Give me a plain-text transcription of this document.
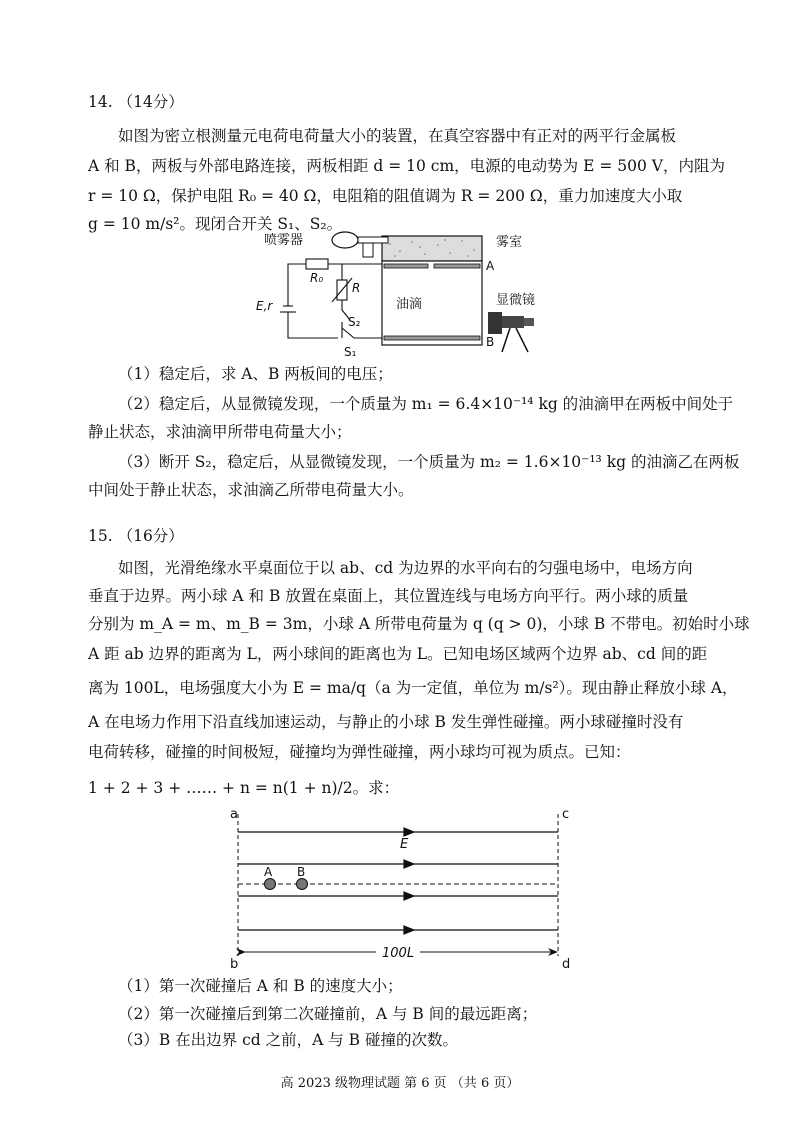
14. （14分）
如图为密立根测量元电荷电荷量大小的装置，在真空容器中有正对的两平行金属板
A 和 B，两板与外部电路连接，两板相距 d = 10 cm，电源的电动势为 E = 500 V，内阻为
r = 10 Ω，保护电阻 R₀ = 40 Ω，电阻箱的阻值调为 R = 200 Ω，重力加速度大小取
g = 10 m/s²。现闭合开关 S₁、S₂。
喷雾器	雾室
A
B
油滴	显微镜
R₀
R
E,r
S₁
S₂
（1）稳定后，求 A、B 两板间的电压；
（2）稳定后，从显微镜发现，一个质量为 m₁ = 6.4×10⁻¹⁴ kg 的油滴甲在两板中间处于
静止状态，求油滴甲所带电荷量大小；
（3）断开 S₂，稳定后，从显微镜发现，一个质量为 m₂ = 1.6×10⁻¹³ kg 的油滴乙在两板
中间处于静止状态，求油滴乙所带电荷量大小。
15. （16分）
如图，光滑绝缘水平桌面位于以 ab、cd 为边界的水平向右的匀强电场中，电场方向
垂直于边界。两小球 A 和 B 放置在桌面上，其位置连线与电场方向平行。两小球的质量
分别为 m_A = m、m_B = 3m，小球 A 所带电荷量为 q (q > 0)，小球 B 不带电。初始时小球
A 距 ab 边界的距离为 L，两小球间的距离也为 L。已知电场区域两个边界 ab、cd 间的距
离为 100L，电场强度大小为 E = ma/q（a 为一定值，单位为 m/s²）。现由静止释放小球 A，
A 在电场力作用下沿直线加速运动，与静止的小球 B 发生弹性碰撞。两小球碰撞时没有
电荷转移，碰撞的时间极短，碰撞均为弹性碰撞，两小球均可视为质点。已知：
1 + 2 + 3 + …… + n = n(1 + n)/2。求：
a
b
c
d
E
A B
100L
（1）第一次碰撞后 A 和 B 的速度大小；
（2）第一次碰撞后到第二次碰撞前，A 与 B 间的最远距离；
（3）B 在出边界 cd 之前，A 与 B 碰撞的次数。
高 2023 级物理试题 第 6 页 （共 6 页）
